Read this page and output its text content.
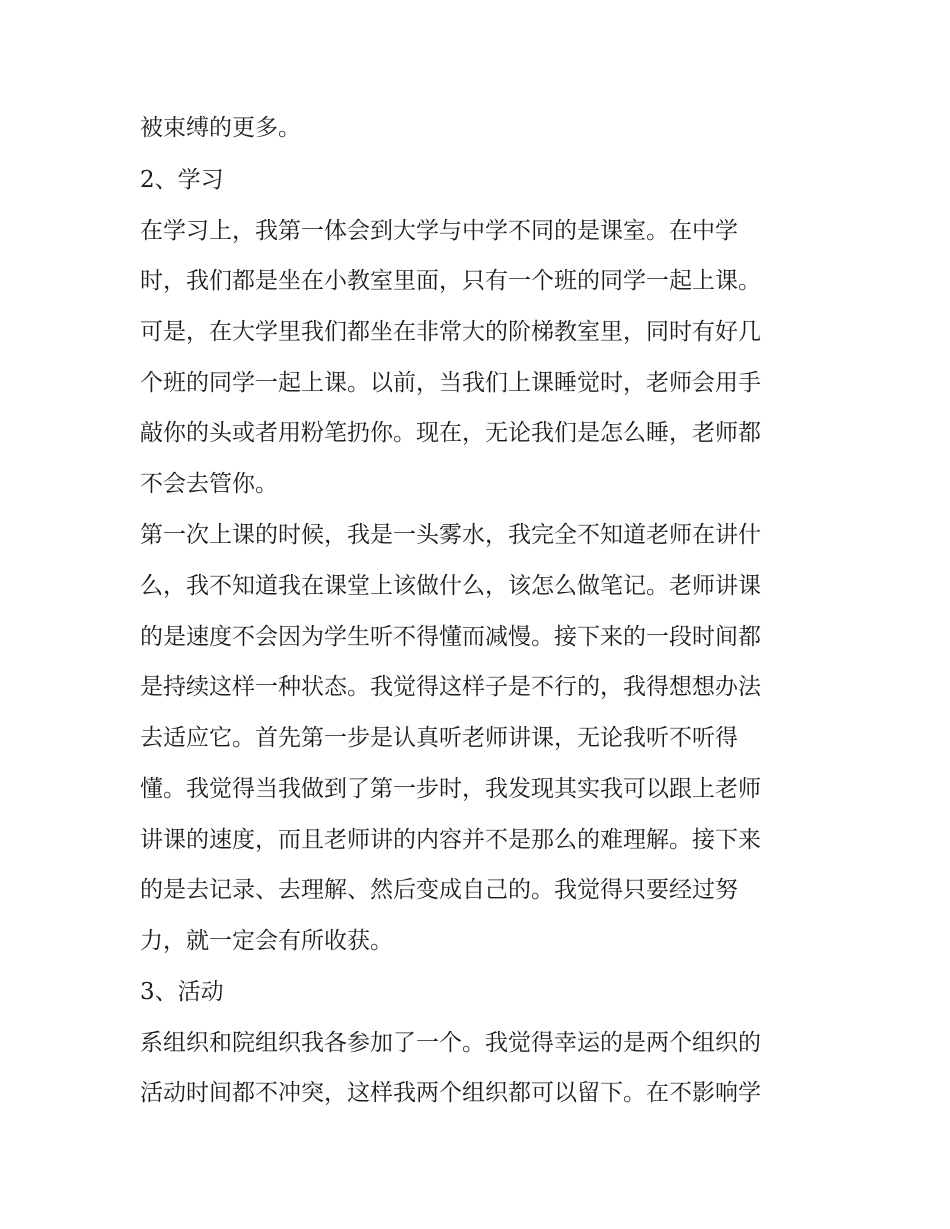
被束缚的更多。

2、学习

在学习上，我第一体会到大学与中学不同的是课室。在中学

时，我们都是坐在小教室里面，只有一个班的同学一起上课。

可是，在大学里我们都坐在非常大的阶梯教室里，同时有好几

个班的同学一起上课。以前，当我们上课睡觉时，老师会用手

敲你的头或者用粉笔扔你。现在，无论我们是怎么睡，老师都

不会去管你。

第一次上课的时候，我是一头雾水，我完全不知道老师在讲什

么，我不知道我在课堂上该做什么，该怎么做笔记。老师讲课

的是速度不会因为学生听不得懂而减慢。接下来的一段时间都

是持续这样一种状态。我觉得这样子是不行的，我得想想办法

去适应它。首先第一步是认真听老师讲课，无论我听不听得

懂。我觉得当我做到了第一步时，我发现其实我可以跟上老师

讲课的速度，而且老师讲的内容并不是那么的难理解。接下来

的是去记录、去理解、然后变成自己的。我觉得只要经过努

力，就一定会有所收获。

3、活动

系组织和院组织我各参加了一个。我觉得幸运的是两个组织的

活动时间都不冲突，这样我两个组织都可以留下。在不影响学
